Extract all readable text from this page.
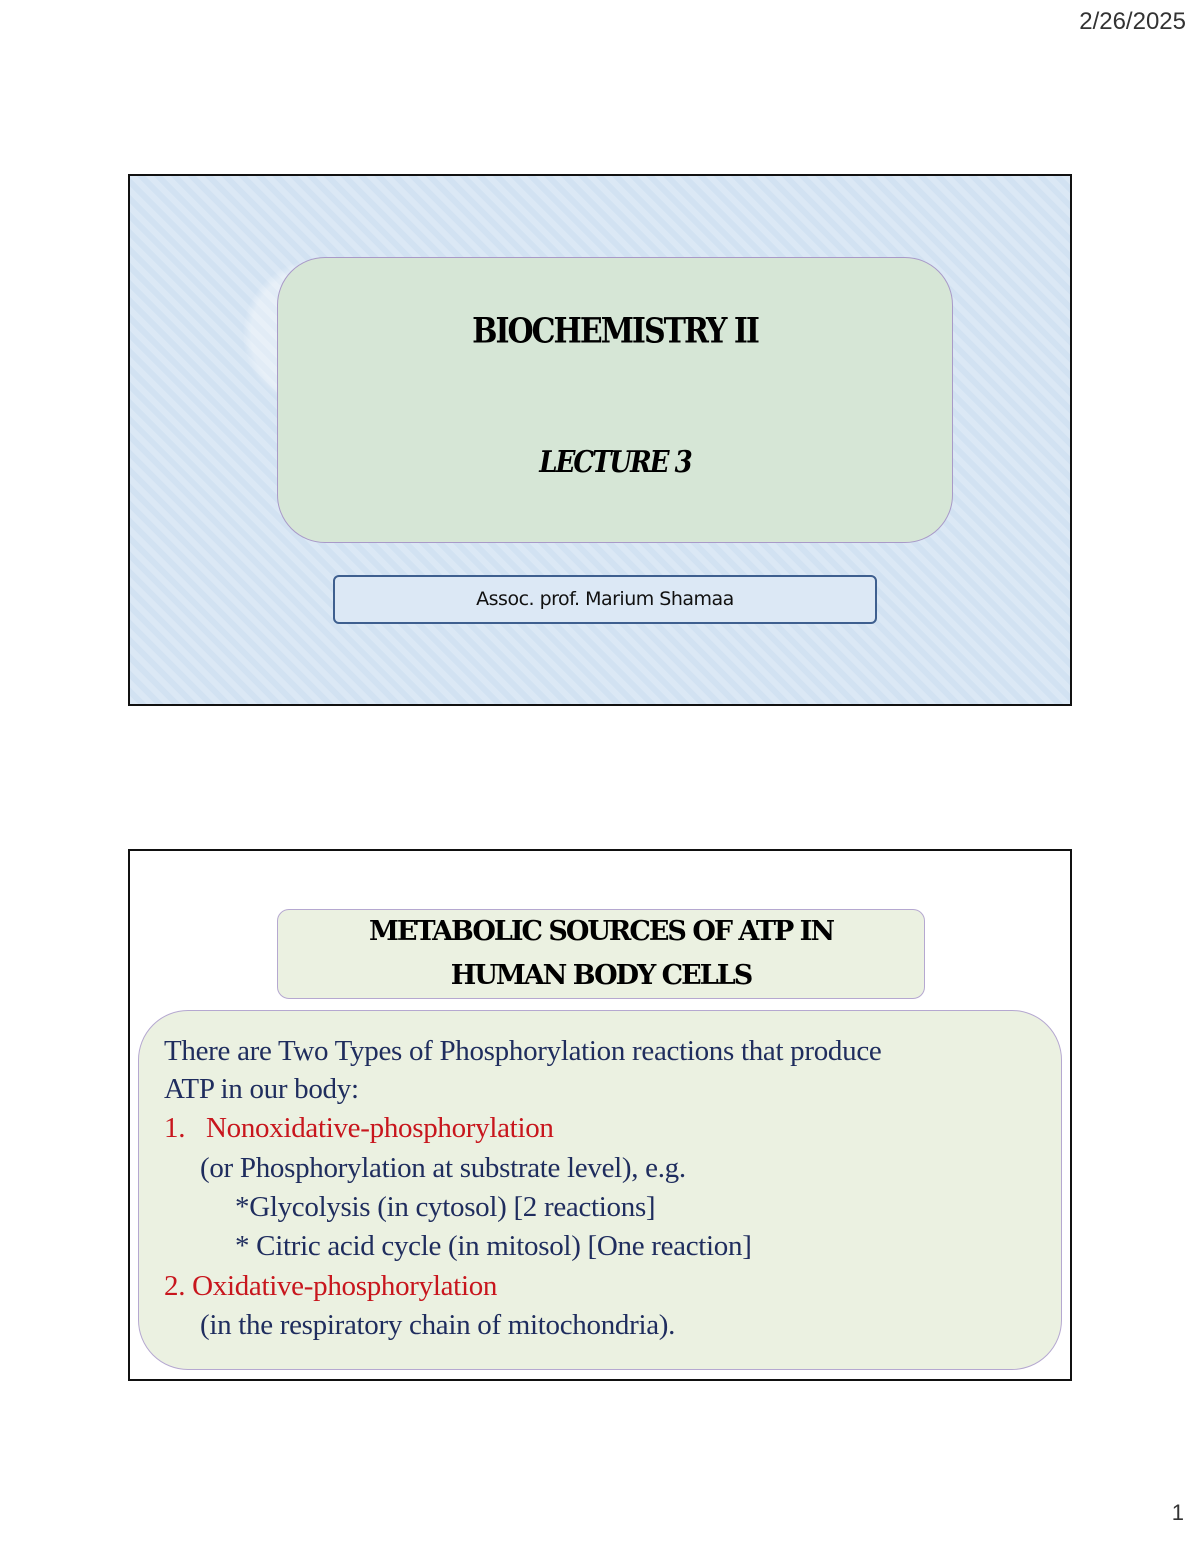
2/26/2025
BIOCHEMISTRY II
LECTURE 3
Assoc. prof. Marium Shamaa
METABOLIC SOURCES OF ATP IN
HUMAN BODY CELLS
There are Two Types of Phosphorylation reactions that produce
ATP in our body:
1.   Nonoxidative-phosphorylation
(or Phosphorylation at substrate level), e.g.
*Glycolysis (in cytosol) [2 reactions]
* Citric acid cycle (in mitosol) [One reaction]
2. Oxidative-phosphorylation
(in the respiratory chain of mitochondria).
1
